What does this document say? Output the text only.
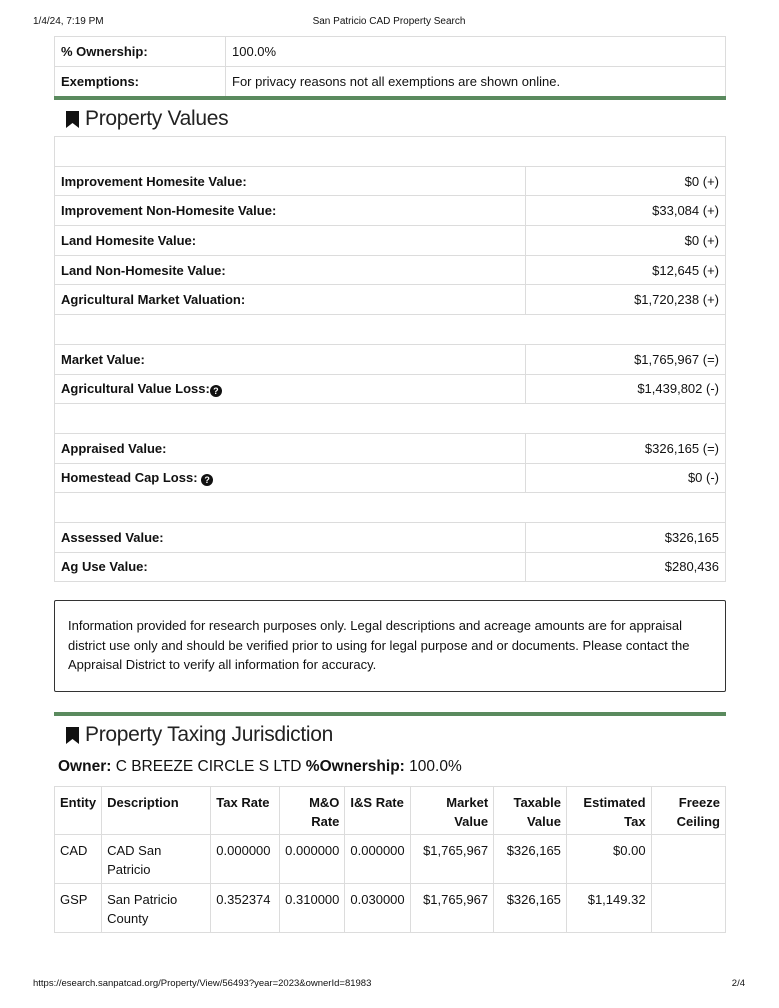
1/4/24, 7:19 PM	San Patricio CAD Property Search
% Ownership:	100.0%
Exemptions:	For privacy reasons not all exemptions are shown online.
Property Values

Improvement Homesite Value:	$0 (+)
Improvement Non-Homesite Value:	$33,084 (+)
Land Homesite Value:	$0 (+)
Land Non-Homesite Value:	$12,645 (+)
Agricultural Market Valuation:	$1,720,238 (+)

Market Value:	$1,765,967 (=)
Agricultural Value Loss: ?	$1,439,802 (-)

Appraised Value:	$326,165 (=)
Homestead Cap Loss: ?	$0 (-)

Assessed Value:	$326,165
Ag Use Value:	$280,436
Information provided for research purposes only. Legal descriptions and acreage amounts are for appraisal district use only and should be verified prior to using for legal purpose and or documents. Please contact the Appraisal District to verify all information for accuracy.
Property Taxing Jurisdiction
Owner: C BREEZE CIRCLE S LTD %Ownership: 100.0%
Entity	Description	Tax Rate	M&O Rate	I&S Rate	Market Value	Taxable Value	Estimated Tax	Freeze Ceiling
CAD	CAD San Patricio	0.000000	0.000000	0.000000	$1,765,967	$326,165	$0.00	
GSP	San Patricio County	0.352374	0.310000	0.030000	$1,765,967	$326,165	$1,149.32	
https://esearch.sanpatcad.org/Property/View/56493?year=2023&ownerId=81983	2/4
